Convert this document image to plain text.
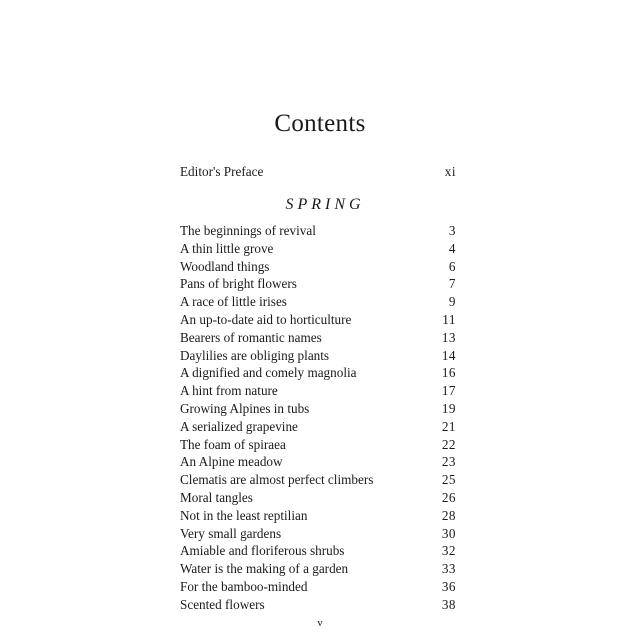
Contents
Editor's Preface	xi
SPRING
The beginnings of revival	3
A thin little grove	4
Woodland things	6
Pans of bright flowers	7
A race of little irises	9
An up-to-date aid to horticulture	11
Bearers of romantic names	13
Daylilies are obliging plants	14
A dignified and comely magnolia	16
A hint from nature	17
Growing Alpines in tubs	19
A serialized grapevine	21
The foam of spiraea	22
An Alpine meadow	23
Clematis are almost perfect climbers	25
Moral tangles	26
Not in the least reptilian	28
Very small gardens	30
Amiable and floriferous shrubs	32
Water is the making of a garden	33
For the bamboo-minded	36
Scented flowers	38
v
